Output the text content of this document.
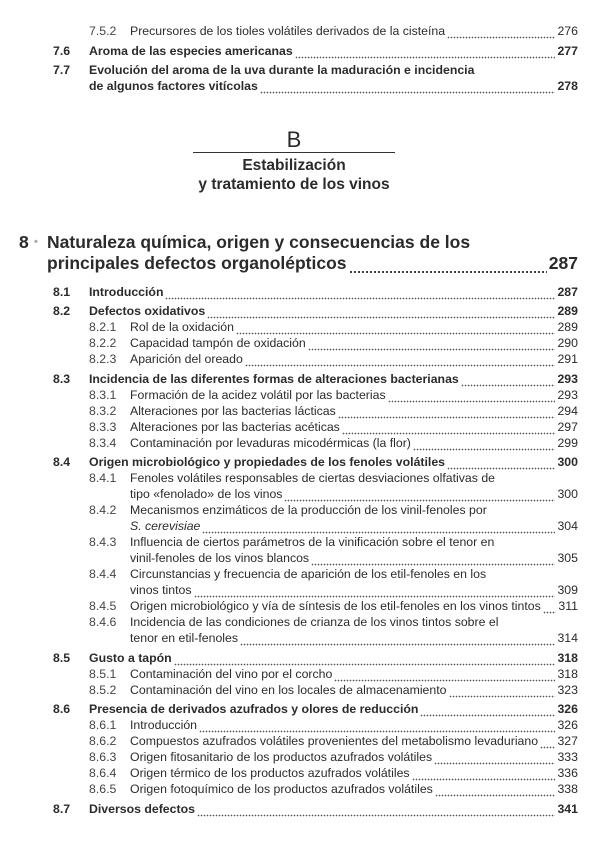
7.5.2 Precursores de los tioles volátiles derivados de la cisteína	276
7.6 Aroma de las especies americanas	277
7.7 Evolución del aroma de la uva durante la maduración e incidencia
de algunos factores vitícolas	278
B
Estabilización
y tratamiento de los vinos
8 • Naturaleza química, origen y consecuencias de los
principales defectos organolépticos	287
8.1 Introducción	287
8.2 Defectos oxidativos	289
8.2.1 Rol de la oxidación	289
8.2.2 Capacidad tampón de oxidación	290
8.2.3 Aparición del oreado	291
8.3 Incidencia de las diferentes formas de alteraciones bacterianas	293
8.3.1 Formación de la acidez volátil por las bacterias	293
8.3.2 Alteraciones por las bacterias lácticas	294
8.3.3 Alteraciones por las bacterias acéticas	297
8.3.4 Contaminación por levaduras micodérmicas (la flor)	299
8.4 Origen microbiológico y propiedades de los fenoles volátiles	300
8.4.1 Fenoles volátiles responsables de ciertas desviaciones olfativas de
tipo «fenolado» de los vinos	300
8.4.2 Mecanismos enzimáticos de la producción de los vinil-fenoles por
S. cerevisiae	304
8.4.3 Influencia de ciertos parámetros de la vinificación sobre el tenor en
vinil-fenoles de los vinos blancos	305
8.4.4 Circunstancias y frecuencia de aparición de los etil-fenoles en los
vinos tintos	309
8.4.5 Origen microbiológico y vía de síntesis de los etil-fenoles en los vinos tintos 311
8.4.6 Incidencia de las condiciones de crianza de los vinos tintos sobre el
tenor en etil-fenoles	314
8.5 Gusto a tapón	318
8.5.1 Contaminación del vino por el corcho	318
8.5.2 Contaminación del vino en los locales de almacenamiento	323
8.6 Presencia de derivados azufrados y olores de reducción	326
8.6.1 Introducción	326
8.6.2 Compuestos azufrados volátiles provenientes del metabolismo levaduriano 327
8.6.3 Origen fitosanitario de los productos azufrados volátiles	333
8.6.4 Origen térmico de los productos azufrados volátiles	336
8.6.5 Origen fotoquímico de los productos azufrados volátiles	338
8.7 Diversos defectos	341
